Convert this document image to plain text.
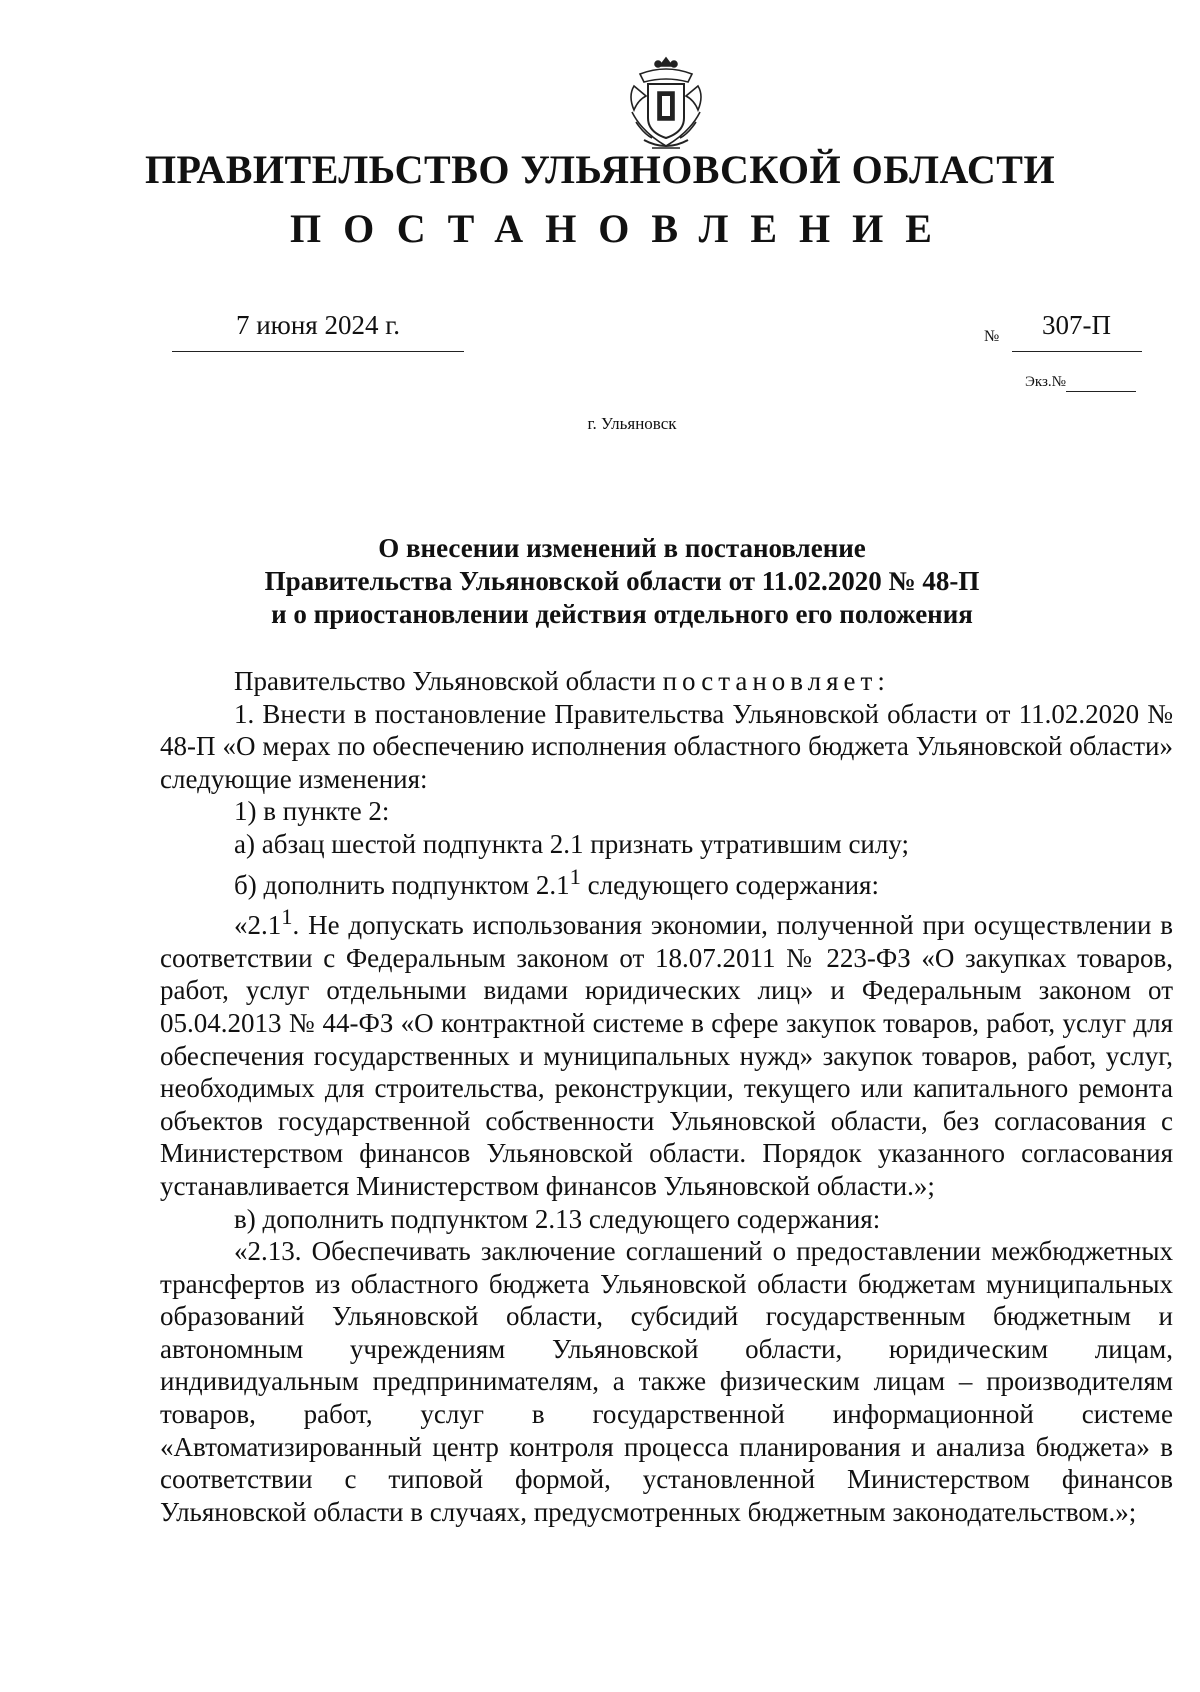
ПРАВИТЕЛЬСТВО УЛЬЯНОВСКОЙ ОБЛАСТИ
ПОСТАНОВЛЕНИЕ
7 июня 2024 г.	№ 307-П
Экз.№
г. Ульяновск
О внесении изменений в постановление
Правительства Ульяновской области от 11.02.2020 № 48-П
и о приостановлении действия отдельного его положения

Правительство Ульяновской области постановляет:

1. Внести в постановление Правительства Ульяновской области от 11.02.2020 № 48-П «О мерах по обеспечению исполнения областного бюджета Ульяновской области» следующие изменения:

1) в пункте 2:

а) абзац шестой подпункта 2.1 признать утратившим силу;

б) дополнить подпунктом $2.1^1$ следующего содержания:

«$2.1^1$. Не допускать использования экономии, полученной при осуществлении в соответствии с Федеральным законом от 18.07.2011 № 223-ФЗ «О закупках товаров, работ, услуг отдельными видами юридических лиц» и Федеральным законом от 05.04.2013 № 44-ФЗ «О контрактной системе в сфере закупок товаров, работ, услуг для обеспечения государственных и муниципальных нужд» закупок товаров, работ, услуг, необходимых для строительства, реконструкции, текущего или капитального ремонта объектов государственной собственности Ульяновской области, без согласования с Министерством финансов Ульяновской области. Порядок указанного согласования устанавливается Министерством финансов Ульяновской области.»;

в) дополнить подпунктом 2.13 следующего содержания:

«2.13. Обеспечивать заключение соглашений о предоставлении межбюджетных трансфертов из областного бюджета Ульяновской области бюджетам муниципальных образований Ульяновской области, субсидий государственным бюджетным и автономным учреждениям Ульяновской области, юридическим лицам, индивидуальным предпринимателям, а также физическим лицам – производителям товаров, работ, услуг в государственной информационной системе «Автоматизированный центр контроля процесса планирования и анализа бюджета» в соответствии с типовой формой, установленной Министерством финансов Ульяновской области в случаях, предусмотренных бюджетным законодательством.»;
